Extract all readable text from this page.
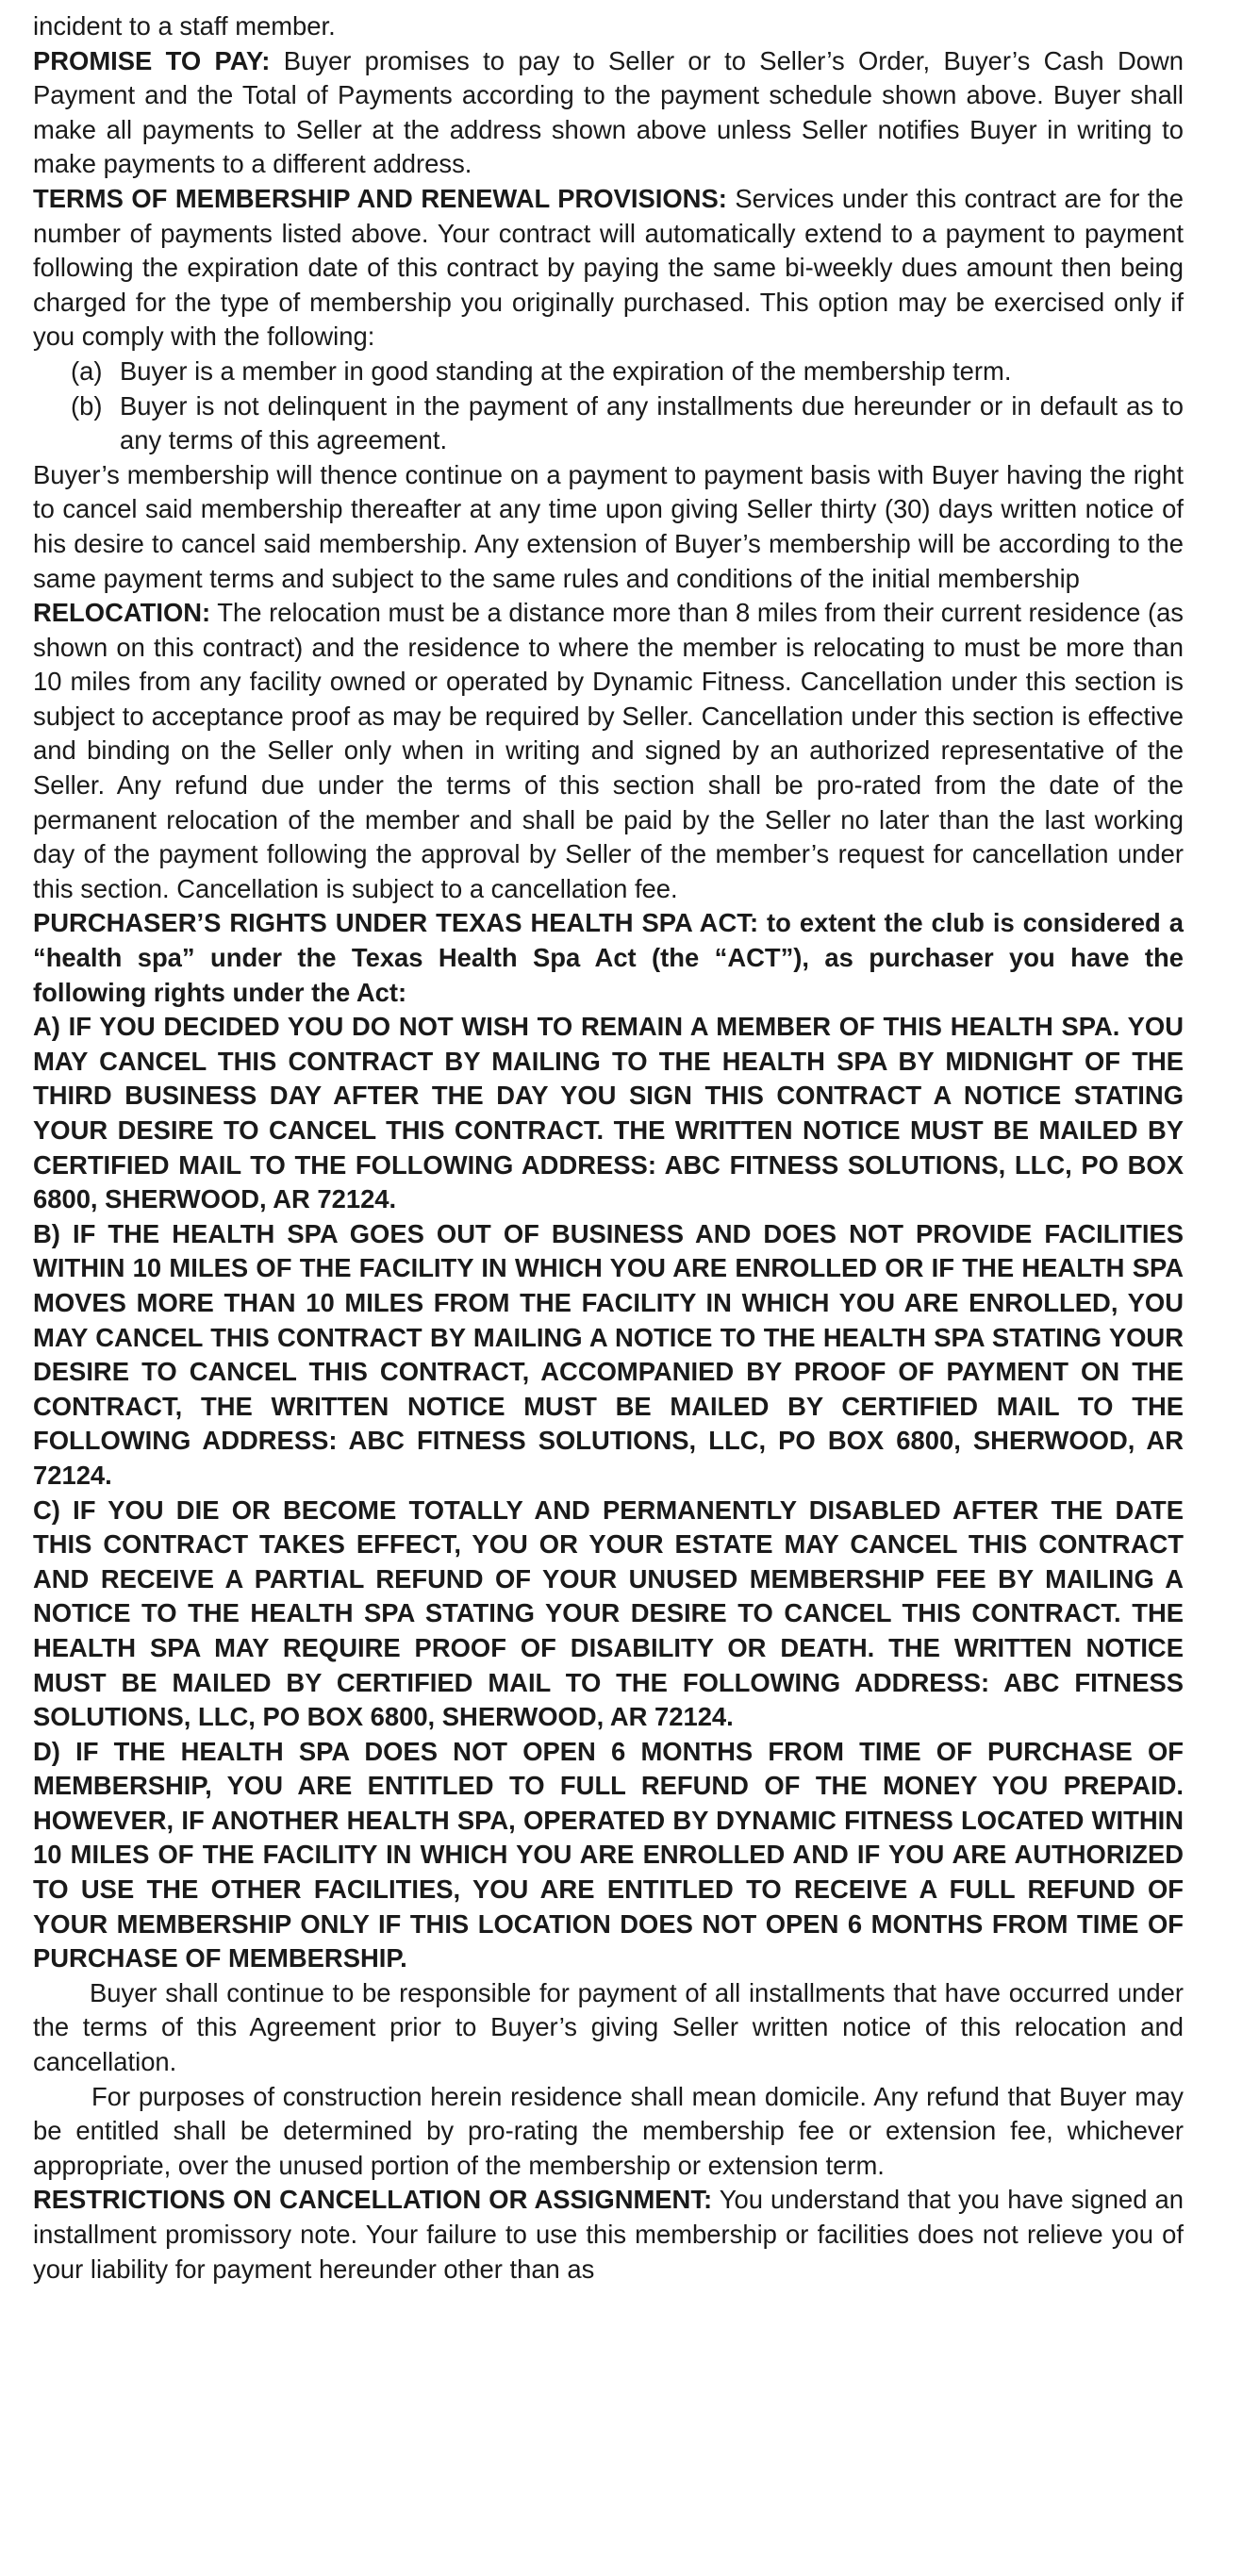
incident to a staff member.

PROMISE TO PAY: Buyer promises to pay to Seller or to Seller’s Order, Buyer’s Cash Down Payment and the Total of Payments according to the payment schedule shown above. Buyer shall make all payments to Seller at the address shown above unless Seller notifies Buyer in writing to make payments to a different address.

TERMS OF MEMBERSHIP AND RENEWAL PROVISIONS: Services under this contract are for the number of payments listed above. Your contract will automatically extend to a payment to payment following the expiration date of this contract by paying the same bi-weekly dues amount then being charged for the type of membership you originally purchased. This option may be exercised only if you comply with the following:

(a) Buyer is a member in good standing at the expiration of the membership term.
(b) Buyer is not delinquent in the payment of any installments due hereunder or in default as to any terms of this agreement.

Buyer’s membership will thence continue on a payment to payment basis with Buyer having the right to cancel said membership thereafter at any time upon giving Seller thirty (30) days written notice of his desire to cancel said membership. Any extension of Buyer’s membership will be according to the same payment terms and subject to the same rules and conditions of the initial membership

RELOCATION: The relocation must be a distance more than 8 miles from their current residence (as shown on this contract) and the residence to where the member is relocating to must be more than 10 miles from any facility owned or operated by Dynamic Fitness. Cancellation under this section is subject to acceptance proof as may be required by Seller. Cancellation under this section is effective and binding on the Seller only when in writing and signed by an authorized representative of the Seller. Any refund due under the terms of this section shall be pro-rated from the date of the permanent relocation of the member and shall be paid by the Seller no later than the last working day of the payment following the approval by Seller of the member’s request for cancellation under this section. Cancellation is subject to a cancellation fee.

PURCHASER’S RIGHTS UNDER TEXAS HEALTH SPA ACT: to extent the club is considered a “health spa” under the Texas Health Spa Act (the “ACT”), as purchaser you have the following rights under the Act:

A) IF YOU DECIDED YOU DO NOT WISH TO REMAIN A MEMBER OF THIS HEALTH SPA. YOU MAY CANCEL THIS CONTRACT BY MAILING TO THE HEALTH SPA BY MIDNIGHT OF THE THIRD BUSINESS DAY AFTER THE DAY YOU SIGN THIS CONTRACT A NOTICE STATING YOUR DESIRE TO CANCEL THIS CONTRACT. THE WRITTEN NOTICE MUST BE MAILED BY CERTIFIED MAIL TO THE FOLLOWING ADDRESS: ABC FITNESS SOLUTIONS, LLC, PO BOX 6800, SHERWOOD, AR 72124.

B) IF THE HEALTH SPA GOES OUT OF BUSINESS AND DOES NOT PROVIDE FACILITIES WITHIN 10 MILES OF THE FACILITY IN WHICH YOU ARE ENROLLED OR IF THE HEALTH SPA MOVES MORE THAN 10 MILES FROM THE FACILITY IN WHICH YOU ARE ENROLLED, YOU MAY CANCEL THIS CONTRACT BY MAILING A NOTICE TO THE HEALTH SPA STATING YOUR DESIRE TO CANCEL THIS CONTRACT, ACCOMPANIED BY PROOF OF PAYMENT ON THE CONTRACT, THE WRITTEN NOTICE MUST BE MAILED BY CERTIFIED MAIL TO THE FOLLOWING ADDRESS: ABC FITNESS SOLUTIONS, LLC, PO BOX 6800, SHERWOOD, AR 72124.

C) IF YOU DIE OR BECOME TOTALLY AND PERMANENTLY DISABLED AFTER THE DATE THIS CONTRACT TAKES EFFECT, YOU OR YOUR ESTATE MAY CANCEL THIS CONTRACT AND RECEIVE A PARTIAL REFUND OF YOUR UNUSED MEMBERSHIP FEE BY MAILING A NOTICE TO THE HEALTH SPA STATING YOUR DESIRE TO CANCEL THIS CONTRACT. THE HEALTH SPA MAY REQUIRE PROOF OF DISABILITY OR DEATH. THE WRITTEN NOTICE MUST BE MAILED BY CERTIFIED MAIL TO THE FOLLOWING ADDRESS: ABC FITNESS SOLUTIONS, LLC, PO BOX 6800, SHERWOOD, AR 72124.

D) IF THE HEALTH SPA DOES NOT OPEN 6 MONTHS FROM TIME OF PURCHASE OF MEMBERSHIP, YOU ARE ENTITLED TO FULL REFUND OF THE MONEY YOU PREPAID. HOWEVER, IF ANOTHER HEALTH SPA, OPERATED BY DYNAMIC FITNESS LOCATED WITHIN 10 MILES OF THE FACILITY IN WHICH YOU ARE ENROLLED AND IF YOU ARE AUTHORIZED TO USE THE OTHER FACILITIES, YOU ARE ENTITLED TO RECEIVE A FULL REFUND OF YOUR MEMBERSHIP ONLY IF THIS LOCATION DOES NOT OPEN 6 MONTHS FROM TIME OF PURCHASE OF MEMBERSHIP.

Buyer shall continue to be responsible for payment of all installments that have occurred under the terms of this Agreement prior to Buyer’s giving Seller written notice of this relocation and cancellation.

For purposes of construction herein residence shall mean domicile. Any refund that Buyer may be entitled shall be determined by pro-rating the membership fee or extension fee, whichever appropriate, over the unused portion of the membership or extension term.

RESTRICTIONS ON CANCELLATION OR ASSIGNMENT: You understand that you have signed an installment promissory note. Your failure to use this membership or facilities does not relieve you of your liability for payment hereunder other than as
